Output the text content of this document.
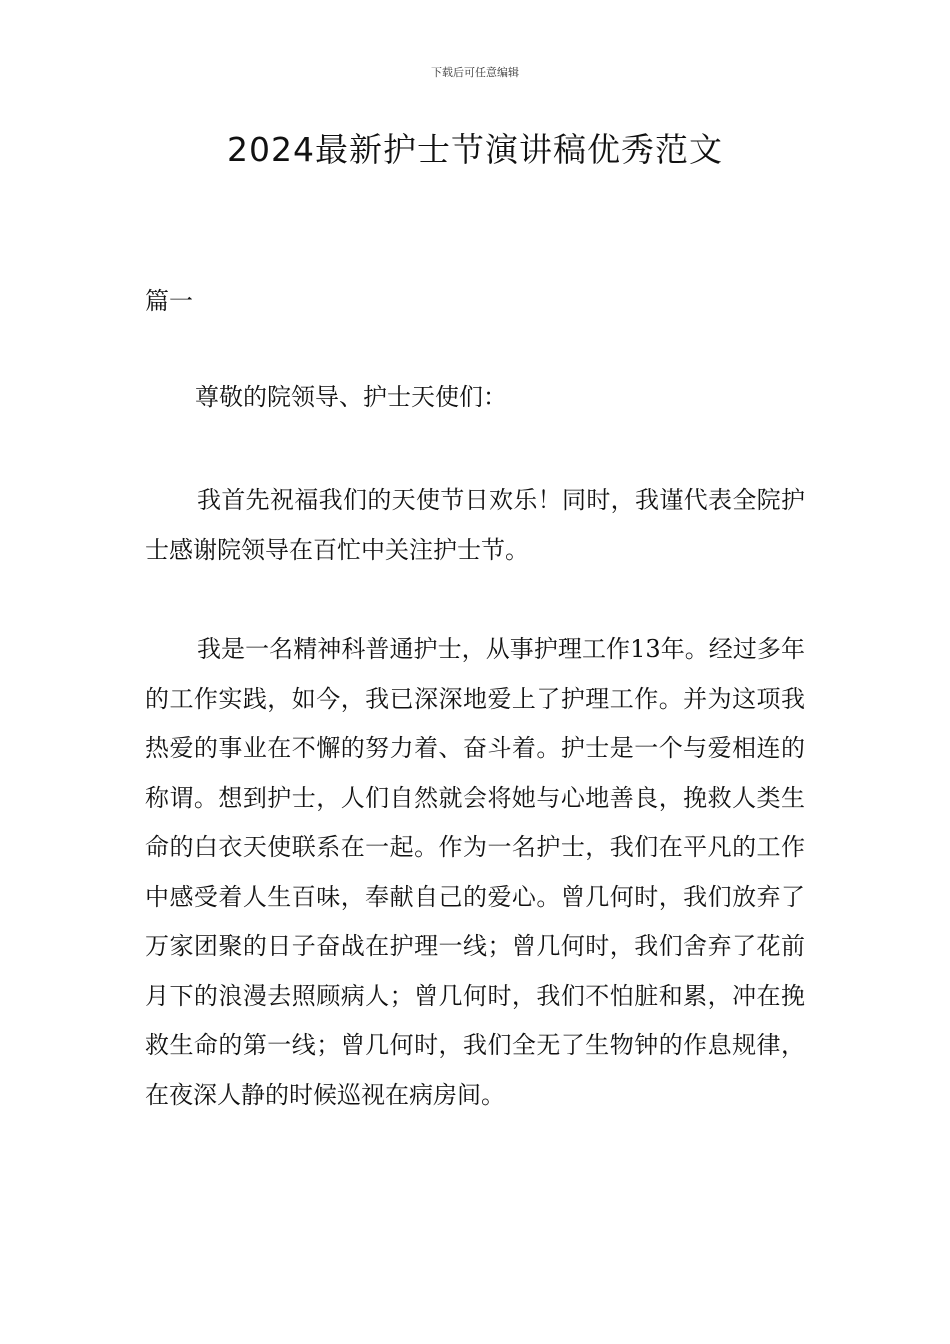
下载后可任意编辑
2024最新护士节演讲稿优秀范文
篇一
尊敬的院领导、护士天使们：

我首先祝福我们的天使节日欢乐！同时，我谨代表全院护士感谢院领导在百忙中关注护士节。

我是一名精神科普通护士，从事护理工作13年。经过多年的工作实践，如今，我已深深地爱上了护理工作。并为这项我热爱的事业在不懈的努力着、奋斗着。护士是一个与爱相连的称谓。想到护士，人们自然就会将她与心地善良，挽救人类生命的白衣天使联系在一起。作为一名护士，我们在平凡的工作中感受着人生百味，奉献自己的爱心。曾几何时，我们放弃了万家团聚的日子奋战在护理一线；曾几何时，我们舍弃了花前月下的浪漫去照顾病人；曾几何时，我们不怕脏和累，冲在挽救生命的第一线；曾几何时，我们全无了生物钟的作息规律，在夜深人静的时候巡视在病房间。
